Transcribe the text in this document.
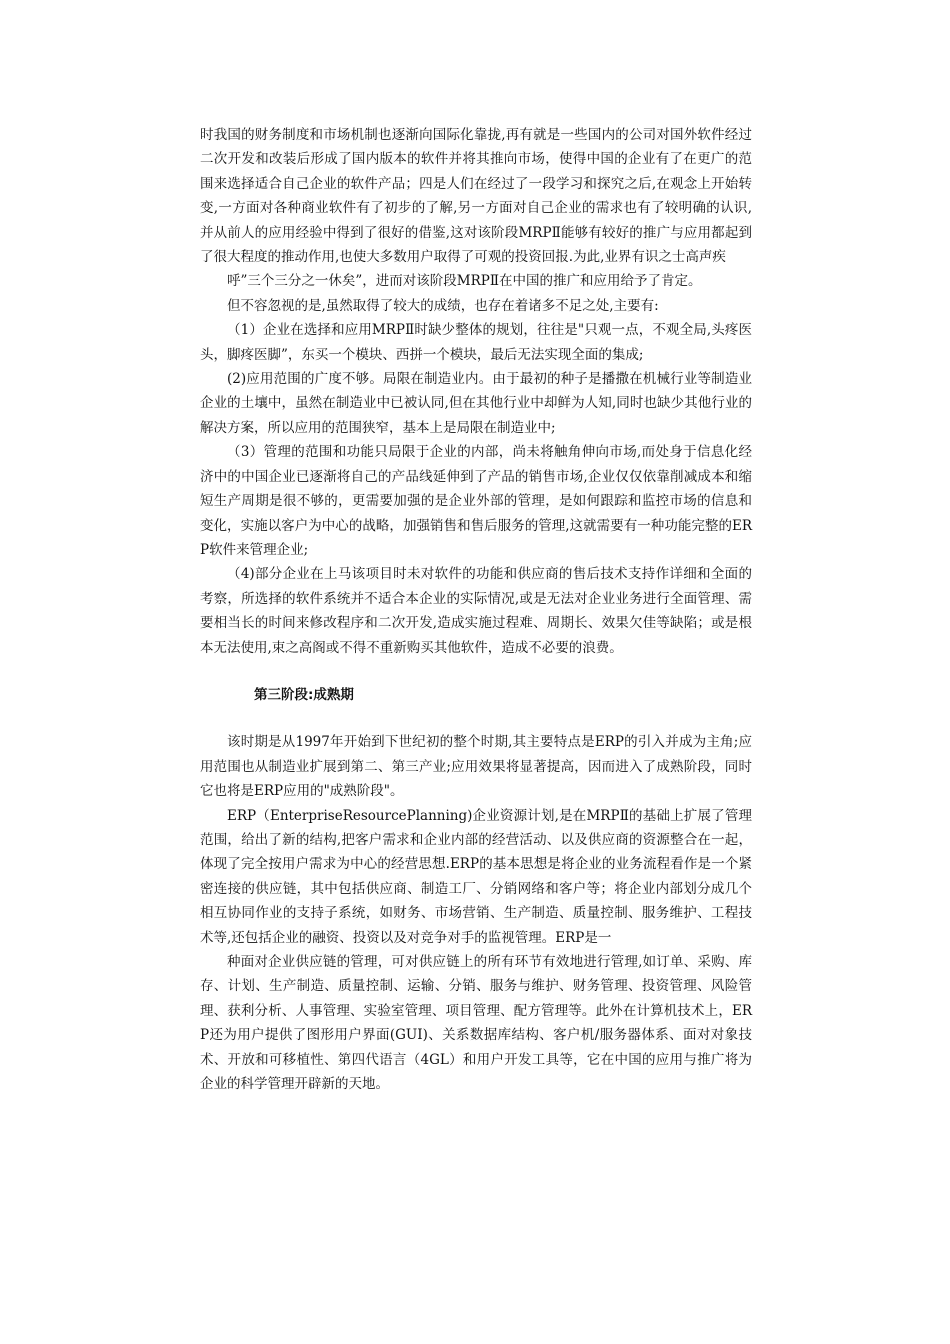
时我国的财务制度和市场机制也逐渐向国际化靠拢,再有就是一些国内的公司对国外软件经过二次开发和改装后形成了国内版本的软件并将其推向市场，使得中国的企业有了在更广的范围来选择适合自己企业的软件产品；四是人们在经过了一段学习和探究之后,在观念上开始转变,一方面对各种商业软件有了初步的了解,另一方面对自己企业的需求也有了较明确的认识,并从前人的应用经验中得到了很好的借鉴,这对该阶段MRPⅡ能够有较好的推广与应用都起到了很大程度的推动作用,也使大多数用户取得了可观的投资回报.为此,业界有识之士高声疾

呼”三个三分之一休矣”，进而对该阶段MRPⅡ在中国的推广和应用给予了肯定。

但不容忽视的是,虽然取得了较大的成绩，也存在着诸多不足之处,主要有:

（1）企业在选择和应用MRPⅡ时缺少整体的规划，往往是"只观一点，不观全局,头疼医头，脚疼医脚”，东买一个模块、西拼一个模块，最后无法实现全面的集成;

(2)应用范围的广度不够。局限在制造业内。由于最初的种子是播撒在机械行业等制造业企业的土壤中，虽然在制造业中已被认同,但在其他行业中却鲜为人知,同时也缺少其他行业的解决方案，所以应用的范围狭窄，基本上是局限在制造业中;

（3）管理的范围和功能只局限于企业的内部，尚未将触角伸向市场,而处身于信息化经济中的中国企业已逐渐将自己的产品线延伸到了产品的销售市场,企业仅仅依靠削减成本和缩短生产周期是很不够的，更需要加强的是企业外部的管理，是如何跟踪和监控市场的信息和变化，实施以客户为中心的战略，加强销售和售后服务的管理,这就需要有一种功能完整的ERP软件来管理企业;

（4)部分企业在上马该项目时未对软件的功能和供应商的售后技术支持作详细和全面的考察，所选择的软件系统并不适合本企业的实际情况,或是无法对企业业务进行全面管理、需要相当长的时间来修改程序和二次开发,造成实施过程难、周期长、效果欠佳等缺陷；或是根本无法使用,束之高阁或不得不重新购买其他软件，造成不必要的浪费。

第三阶段:成熟期

该时期是从1997年开始到下世纪初的整个时期,其主要特点是ERP的引入并成为主角;应用范围也从制造业扩展到第二、第三产业;应用效果将显著提高，因而进入了成熟阶段，同时它也将是ERP应用的"成熟阶段"。

ERP（EnterpriseResourcePlanning)企业资源计划,是在MRPⅡ的基础上扩展了管理范围，给出了新的结构,把客户需求和企业内部的经营活动、以及供应商的资源整合在一起，体现了完全按用户需求为中心的经营思想.ERP的基本思想是将企业的业务流程看作是一个紧密连接的供应链，其中包括供应商、制造工厂、分销网络和客户等；将企业内部划分成几个相互协同作业的支持子系统，如财务、市场营销、生产制造、质量控制、服务维护、工程技术等,还包括企业的融资、投资以及对竞争对手的监视管理。ERP是一

种面对企业供应链的管理，可对供应链上的所有环节有效地进行管理,如订单、采购、库存、计划、生产制造、质量控制、运输、分销、服务与维护、财务管理、投资管理、风险管理、获利分析、人事管理、实验室管理、项目管理、配方管理等。此外在计算机技术上，ERP还为用户提供了图形用户界面(GUI)、关系数据库结构、客户机/服务器体系、面对对象技术、开放和可移植性、第四代语言（4GL）和用户开发工具等，它在中国的应用与推广将为企业的科学管理开辟新的天地。
